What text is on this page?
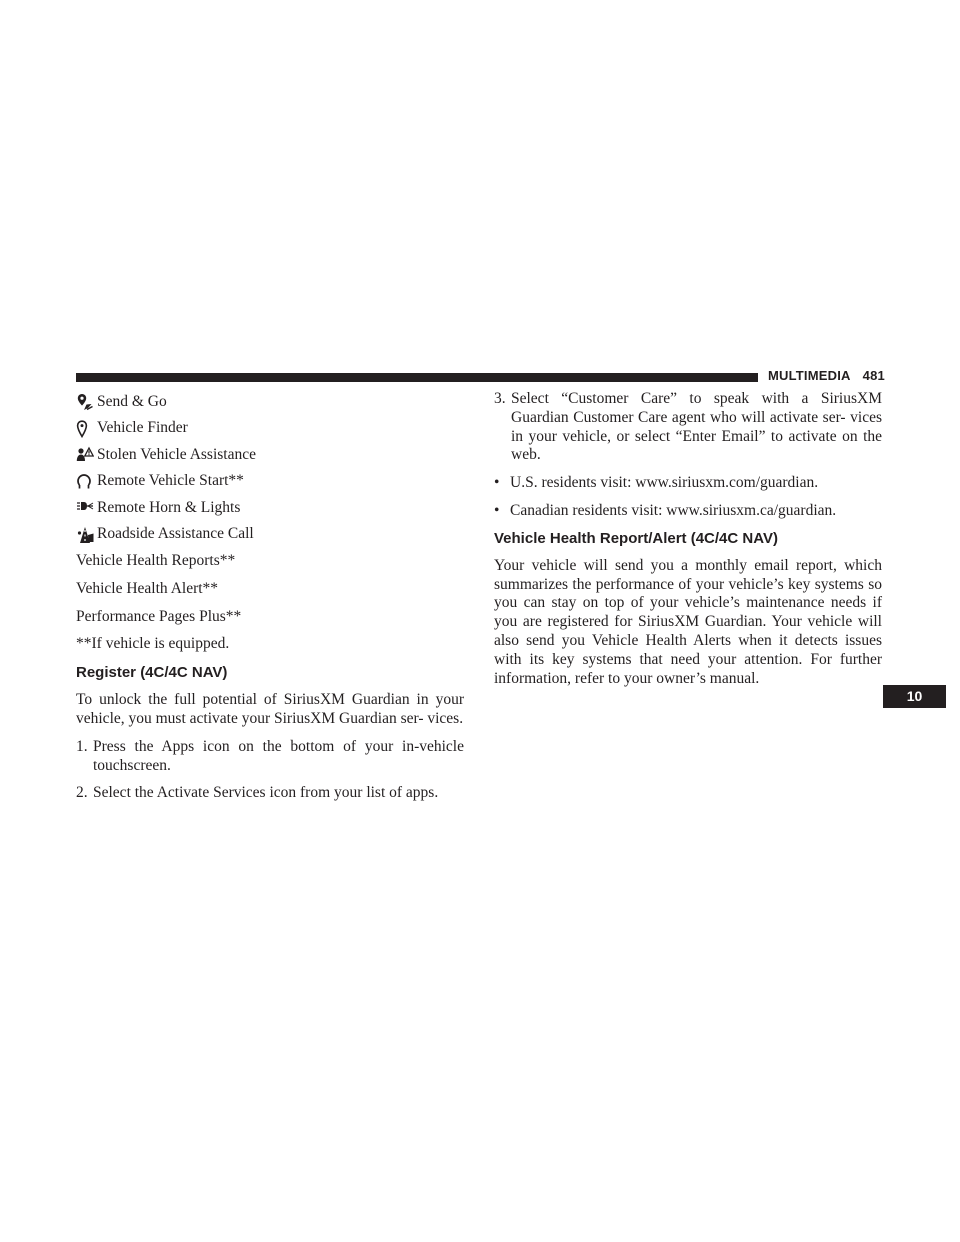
MULTIMEDIA 481
Send & Go
Vehicle Finder
Stolen Vehicle Assistance
Remote Vehicle Start**
Remote Horn & Lights
Roadside Assistance Call

Vehicle Health Reports**

Vehicle Health Alert**

Performance Pages Plus**

**If vehicle is equipped.

Register (4C/4C NAV)

To unlock the full potential of SiriusXM Guardian in your vehicle, you must activate your SiriusXM Guardian ser- vices.

1. Press the Apps icon on the bottom of your in-vehicle touchscreen.
2. Select the Activate Services icon from your list of apps.
3. Select “Customer Care” to speak with a SiriusXM Guardian Customer Care agent who will activate ser- vices in your vehicle, or select “Enter Email” to activate on the web.
• U.S. residents visit: www.siriusxm.com/guardian.
• Canadian residents visit: www.siriusxm.ca/guardian.
Vehicle Health Report/Alert (4C/4C NAV)

Your vehicle will send you a monthly email report, which summarizes the performance of your vehicle’s key systems so you can stay on top of your vehicle’s maintenance needs if you are registered for SiriusXM Guardian. Your vehicle will also send you Vehicle Health Alerts when it detects issues with its key systems that need your attention. For further information, refer to your owner’s manual.

10
